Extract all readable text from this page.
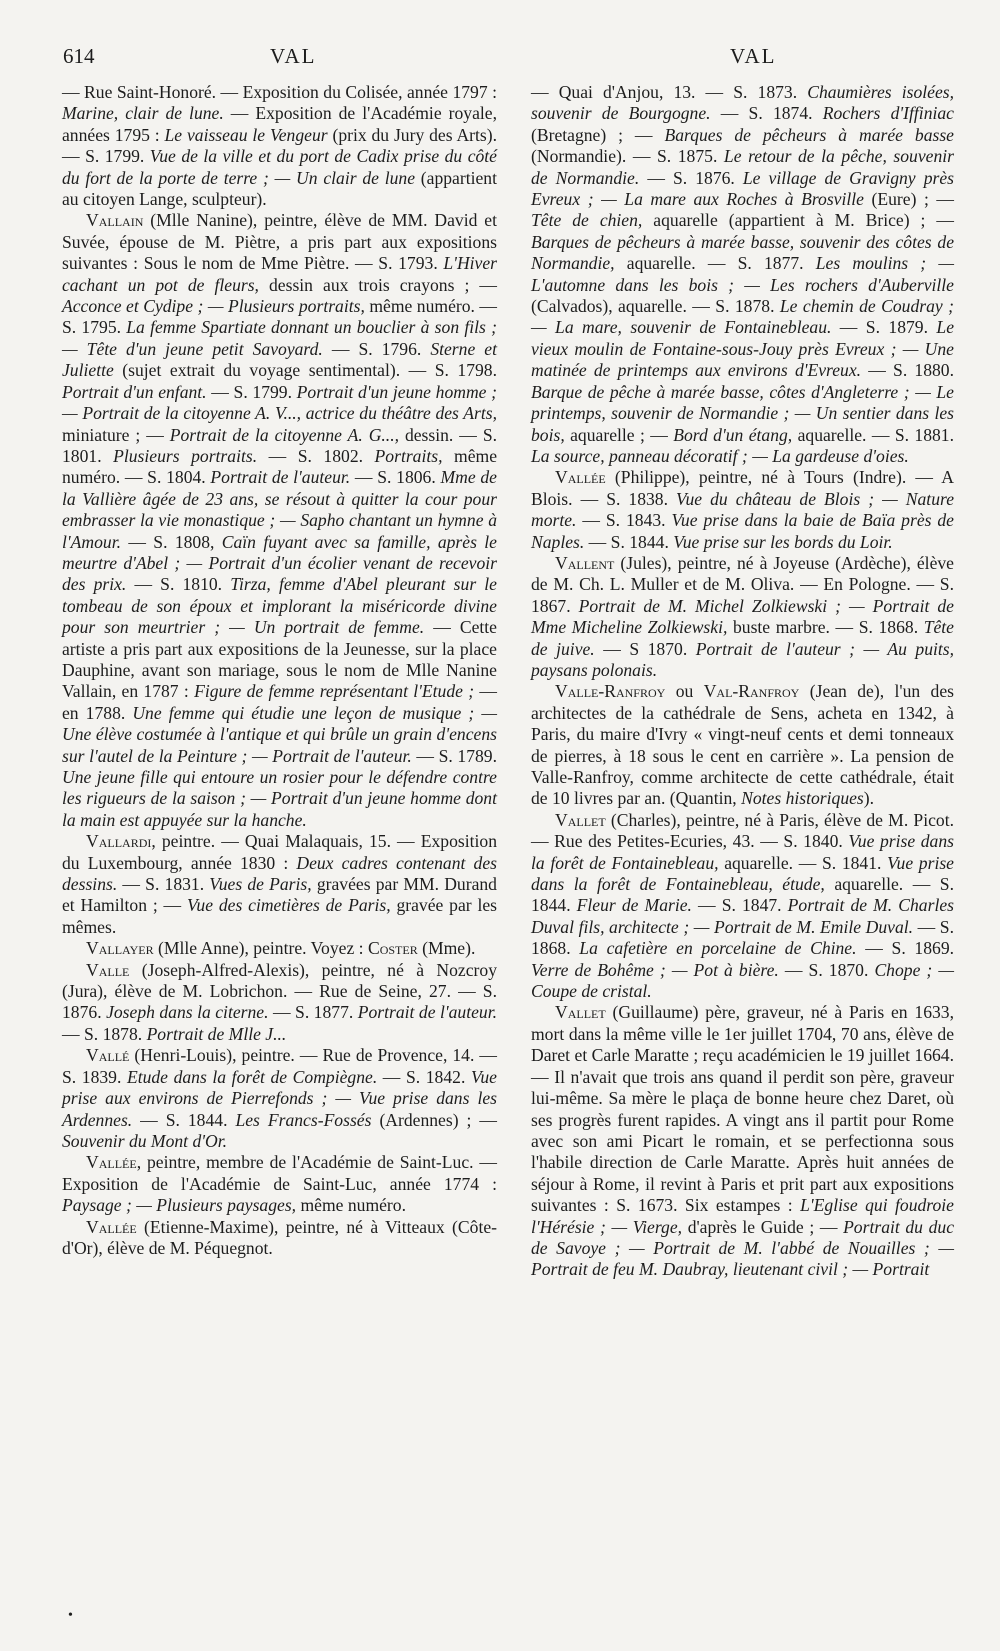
614	VAL	VAL

— Rue Saint-Honoré. — Exposition du Colisée, année 1797 : Marine, clair de lune. — Exposition de l'Académie royale, années 1795 : Le vaisseau le Vengeur (prix du Jury des Arts). — S. 1799. Vue de la ville et du port de Cadix prise du côté du fort de la porte de terre ; — Un clair de lune (appartient au citoyen Lange, sculpteur).

Vallain (Mlle Nanine), peintre, élève de MM. David et Suvée, épouse de M. Piètre, a pris part aux expositions suivantes : Sous le nom de Mme Piètre. — S. 1793. L'Hiver cachant un pot de fleurs, dessin aux trois crayons ; — Acconce et Cydipe ; — Plusieurs portraits, même numéro. — S. 1795. La femme Spartiate donnant un bouclier à son fils ; — Tête d'un jeune petit Savoyard. — S. 1796. Sterne et Juliette (sujet extrait du voyage sentimental). — S. 1798. Portrait d'un enfant. — S. 1799. Portrait d'un jeune homme ; — Portrait de la citoyenne A. V..., actrice du théâtre des Arts, miniature ; — Portrait de la citoyenne A. G..., dessin. — S. 1801. Plusieurs portraits. — S. 1802. Portraits, même numéro. — S. 1804. Portrait de l'auteur. — S. 1806. Mme de la Vallière âgée de 23 ans, se résout à quitter la cour pour embrasser la vie monastique ; — Sapho chantant un hymne à l'Amour. — S. 1808, Caïn fuyant avec sa famille, après le meurtre d'Abel ; — Portrait d'un écolier venant de recevoir des prix. — S. 1810. Tirza, femme d'Abel pleurant sur le tombeau de son époux et implorant la miséricorde divine pour son meurtrier ; — Un portrait de femme. — Cette artiste a pris part aux expositions de la Jeunesse, sur la place Dauphine, avant son mariage, sous le nom de Mlle Nanine Vallain, en 1787 : Figure de femme représentant l'Etude ; — en 1788. Une femme qui étudie une leçon de musique ; — Une élève costumée à l'antique et qui brûle un grain d'encens sur l'autel de la Peinture ; — Portrait de l'auteur. — S. 1789. Une jeune fille qui entoure un rosier pour le défendre contre les rigueurs de la saison ; — Portrait d'un jeune homme dont la main est appuyée sur la hanche.

Vallardi, peintre. — Quai Malaquais, 15. — Exposition du Luxembourg, année 1830 : Deux cadres contenant des dessins. — S. 1831. Vues de Paris, gravées par MM. Durand et Hamilton ; — Vue des cimetières de Paris, gravée par les mêmes.

Vallayer (Mlle Anne), peintre. Voyez : Coster (Mme).

Valle (Joseph-Alfred-Alexis), peintre, né à Nozcroy (Jura), élève de M. Lobrichon. — Rue de Seine, 27. — S. 1876. Joseph dans la citerne. — S. 1877. Portrait de l'auteur. — S. 1878. Portrait de Mlle J...

Vallé (Henri-Louis), peintre. — Rue de Provence, 14. — S. 1839. Etude dans la forêt de Compiègne. — S. 1842. Vue prise aux environs de Pierrefonds ; — Vue prise dans les Ardennes. — S. 1844. Les Francs-Fossés (Ardennes) ; — Souvenir du Mont d'Or.

Vallée, peintre, membre de l'Académie de Saint-Luc. — Exposition de l'Académie de Saint-Luc, année 1774 : Paysage ; — Plusieurs paysages, même numéro.

Vallée (Etienne-Maxime), peintre, né à Vitteaux (Côte-d'Or), élève de M. Péquegnot.

— Quai d'Anjou, 13. — S. 1873. Chaumières isolées, souvenir de Bourgogne. — S. 1874. Rochers d'Iffiniac (Bretagne) ; — Barques de pêcheurs à marée basse (Normandie). — S. 1875. Le retour de la pêche, souvenir de Normandie. — S. 1876. Le village de Gravigny près Evreux ; — La mare aux Roches à Brosville (Eure) ; — Tête de chien, aquarelle (appartient à M. Brice) ; — Barques de pêcheurs à marée basse, souvenir des côtes de Normandie, aquarelle. — S. 1877. Les moulins ; — L'automne dans les bois ; — Les rochers d'Auberville (Calvados), aquarelle. — S. 1878. Le chemin de Coudray ; — La mare, souvenir de Fontainebleau. — S. 1879. Le vieux moulin de Fontaine-sous-Jouy près Evreux ; — Une matinée de printemps aux environs d'Evreux. — S. 1880. Barque de pêche à marée basse, côtes d'Angleterre ; — Le printemps, souvenir de Normandie ; — Un sentier dans les bois, aquarelle ; — Bord d'un étang, aquarelle. — S. 1881. La source, panneau décoratif ; — La gardeuse d'oies.

Vallée (Philippe), peintre, né à Tours (Indre). — A Blois. — S. 1838. Vue du château de Blois ; — Nature morte. — S. 1843. Vue prise dans la baie de Baïa près de Naples. — S. 1844. Vue prise sur les bords du Loir.

Vallent (Jules), peintre, né à Joyeuse (Ardèche), élève de M. Ch. L. Muller et de M. Oliva. — En Pologne. — S. 1867. Portrait de M. Michel Zolkiewski ; — Portrait de Mme Micheline Zolkiewski, buste marbre. — S. 1868. Tête de juive. — S 1870. Portrait de l'auteur ; — Au puits, paysans polonais.

Valle-Ranfroy ou Val-Ranfroy (Jean de), l'un des architectes de la cathédrale de Sens, acheta en 1342, à Paris, du maire d'Ivry « vingt-neuf cents et demi tonneaux de pierres, à 18 sous le cent en carrière ». La pension de Valle-Ranfroy, comme architecte de cette cathédrale, était de 10 livres par an. (Quantin, Notes historiques).

Vallet (Charles), peintre, né à Paris, élève de M. Picot. — Rue des Petites-Ecuries, 43. — S. 1840. Vue prise dans la forêt de Fontainebleau, aquarelle. — S. 1841. Vue prise dans la forêt de Fontainebleau, étude, aquarelle. — S. 1844. Fleur de Marie. — S. 1847. Portrait de M. Charles Duval fils, architecte ; — Portrait de M. Emile Duval. — S. 1868. La cafetière en porcelaine de Chine. — S. 1869. Verre de Bohême ; — Pot à bière. — S. 1870. Chope ; — Coupe de cristal.

Vallet (Guillaume) père, graveur, né à Paris en 1633, mort dans la même ville le 1er juillet 1704, 70 ans, élève de Daret et Carle Maratte ; reçu académicien le 19 juillet 1664. — Il n'avait que trois ans quand il perdit son père, graveur lui-même. Sa mère le plaça de bonne heure chez Daret, où ses progrès furent rapides. A vingt ans il partit pour Rome avec son ami Picart le romain, et se perfectionna sous l'habile direction de Carle Maratte. Après huit années de séjour à Rome, il revint à Paris et prit part aux expositions suivantes : S. 1673. Six estampes : L'Eglise qui foudroie l'Hérésie ; — Vierge, d'après le Guide ; — Portrait du duc de Savoye ; — Portrait de M. l'abbé de Nouailles ; — Portrait de feu M. Daubray, lieutenant civil ; — Portrait

•
